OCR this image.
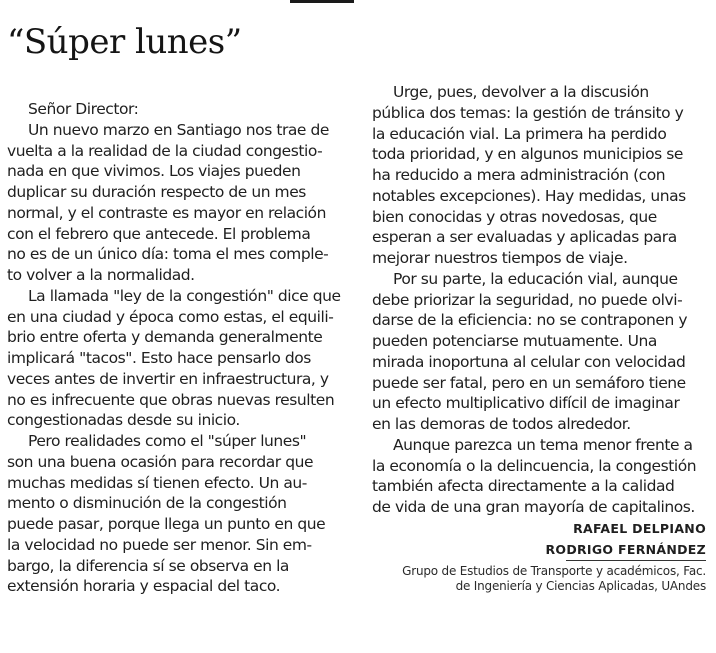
“Súper lunes”

Señor Director:

Un nuevo marzo en Santiago nos trae de
vuelta a la realidad de la ciudad congestio-
nada en que vivimos. Los viajes pueden
duplicar su duración respecto de un mes
normal, y el contraste es mayor en relación
con el febrero que antecede. El problema
no es de un único día: toma el mes comple-
to volver a la normalidad.

La llamada "ley de la congestión" dice que
en una ciudad y época como estas, el equili-
brio entre oferta y demanda generalmente
implicará "tacos". Esto hace pensarlo dos
veces antes de invertir en infraestructura, y
no es infrecuente que obras nuevas resulten
congestionadas desde su inicio.

Pero realidades como el "súper lunes"
son una buena ocasión para recordar que
muchas medidas sí tienen efecto. Un au-
mento o disminución de la congestión
puede pasar, porque llega un punto en que
la velocidad no puede ser menor. Sin em-
bargo, la diferencia sí se observa en la
extensión horaria y espacial del taco.

Urge, pues, devolver a la discusión
pública dos temas: la gestión de tránsito y
la educación vial. La primera ha perdido
toda prioridad, y en algunos municipios se
ha reducido a mera administración (con
notables excepciones). Hay medidas, unas
bien conocidas y otras novedosas, que
esperan a ser evaluadas y aplicadas para
mejorar nuestros tiempos de viaje.

Por su parte, la educación vial, aunque
debe priorizar la seguridad, no puede olvi-
darse de la eficiencia: no se contraponen y
pueden potenciarse mutuamente. Una
mirada inoportuna al celular con velocidad
puede ser fatal, pero en un semáforo tiene
un efecto multiplicativo difícil de imaginar
en las demoras de todos alrededor.

Aunque parezca un tema menor frente a
la economía o la delincuencia, la congestión
también afecta directamente a la calidad
de vida de una gran mayoría de capitalinos.

RAFAEL DELPIANO
RODRIGO FERNÁNDEZ
Grupo de Estudios de Transporte y académicos, Fac.
de Ingeniería y Ciencias Aplicadas, UAndes
